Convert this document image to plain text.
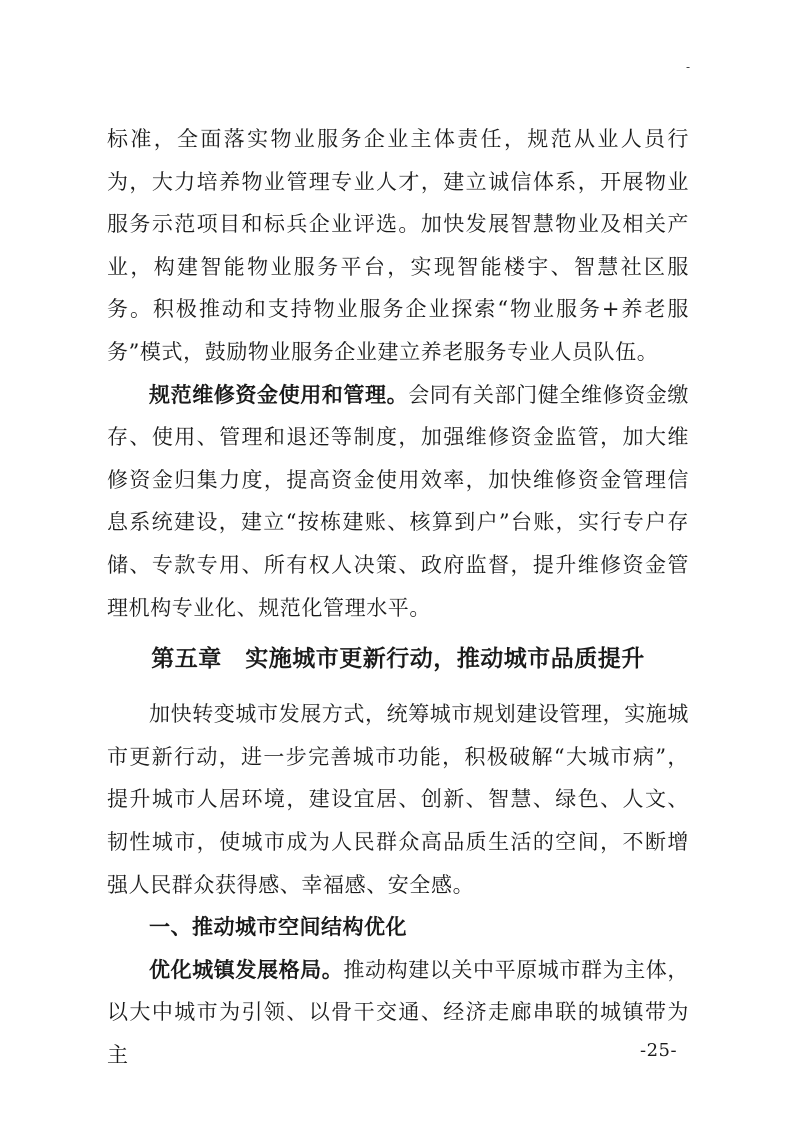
-

标准，全面落实物业服务企业主体责任，规范从业人员行为，大力培养物业管理专业人才，建立诚信体系，开展物业服务示范项目和标兵企业评选。加快发展智慧物业及相关产业，构建智能物业服务平台，实现智能楼宇、智慧社区服务。积极推动和支持物业服务企业探索“物业服务+养老服务”模式，鼓励物业服务企业建立养老服务专业人员队伍。

规范维修资金使用和管理。会同有关部门健全维修资金缴存、使用、管理和退还等制度，加强维修资金监管，加大维修资金归集力度，提高资金使用效率，加快维修资金管理信息系统建设，建立“按栋建账、核算到户”台账，实行专户存储、专款专用、所有权人决策、政府监督，提升维修资金管理机构专业化、规范化管理水平。

第五章　实施城市更新行动，推动城市品质提升

加快转变城市发展方式，统筹城市规划建设管理，实施城市更新行动，进一步完善城市功能，积极破解“大城市病”，提升城市人居环境，建设宜居、创新、智慧、绿色、人文、韧性城市，使城市成为人民群众高品质生活的空间，不断增强人民群众获得感、幸福感、安全感。

一、推动城市空间结构优化

优化城镇发展格局。推动构建以关中平原城市群为主体，以大中城市为引领、以骨干交通、经济走廊串联的城镇带为主	-25-
